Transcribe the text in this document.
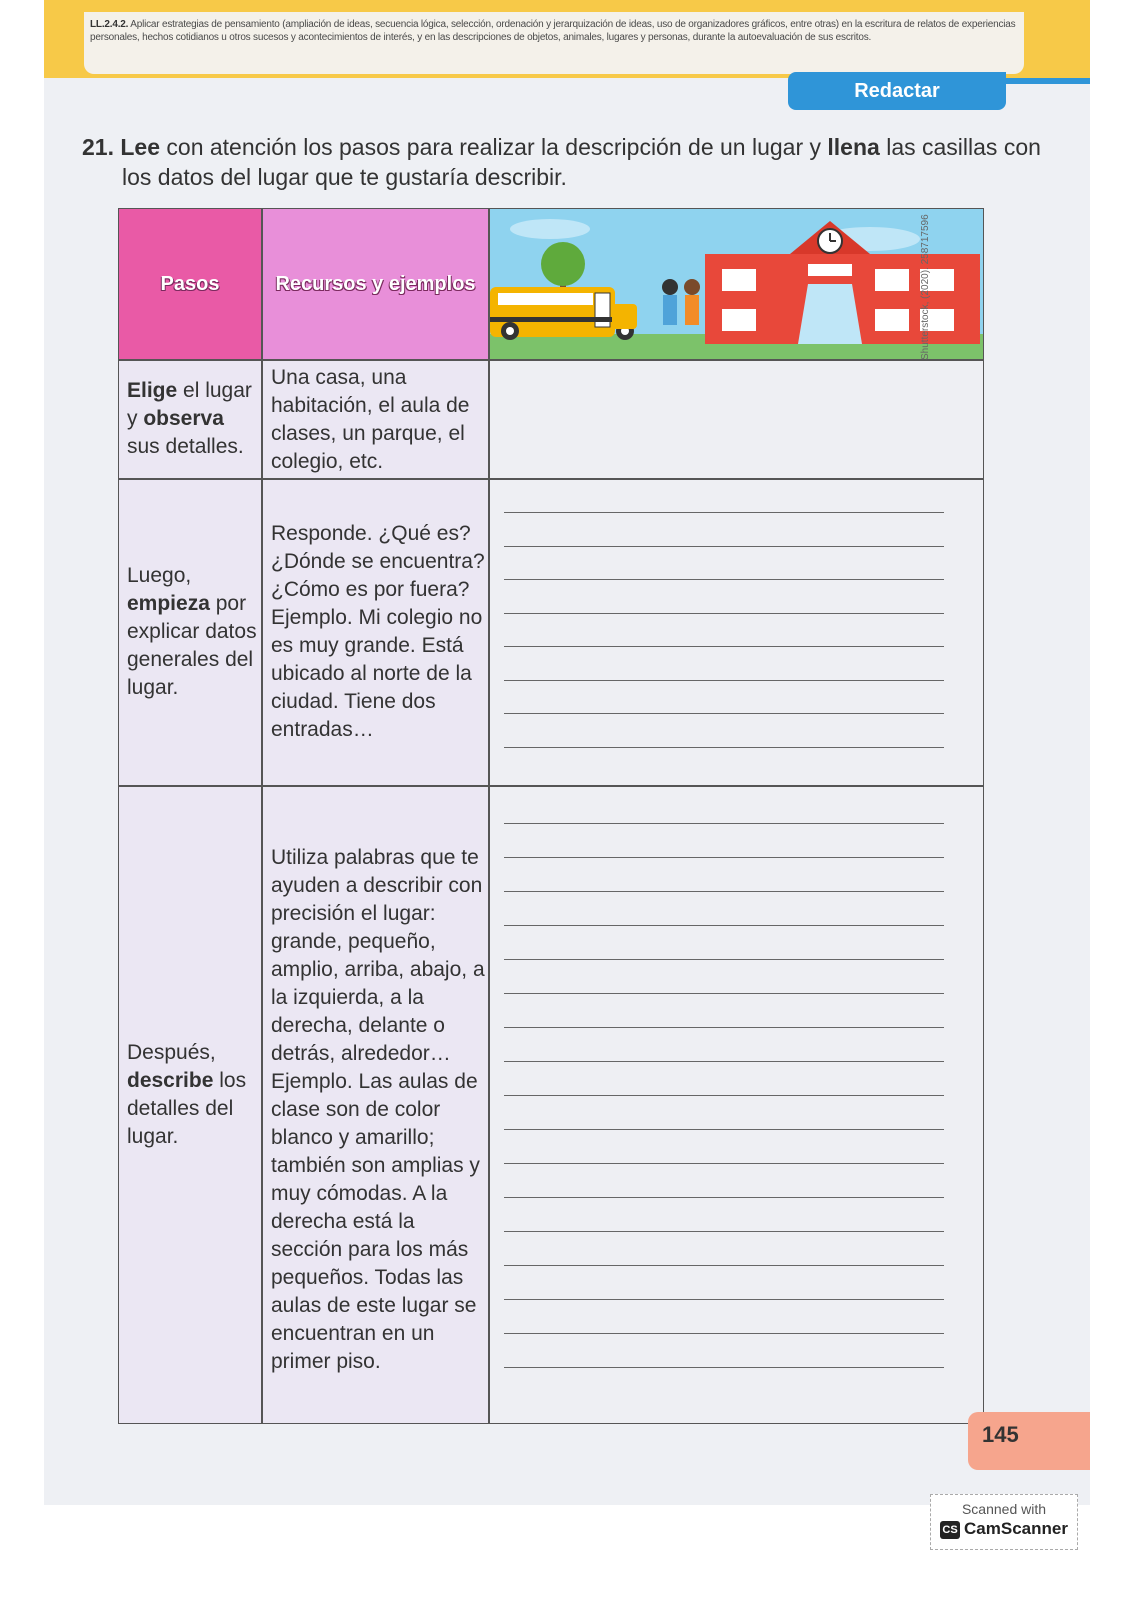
LL.2.4.2. Aplicar estrategias de pensamiento (ampliación de ideas, secuencia lógica, selección, ordenación y jerarquización de ideas, uso de organizadores gráficos, entre otras) en la escritura de relatos de experiencias personales, hechos cotidianos u otros sucesos y acontecimientos de interés, y en las descripciones de objetos, animales, lugares y personas, durante la autoevaluación de sus escritos.
Redactar
21. Lee con atención los pasos para realizar la descripción de un lugar y llena las casillas con
los datos del lugar que te gustaría describir.
Pasos	Recursos y ejemplos
Elige el lugar y observa sus detalles.
Una casa, una habitación, el aula de clases, un parque, el colegio, etc.
Luego, empieza por explicar datos generales del lugar.
Responde. ¿Qué es? ¿Dónde se encuentra? ¿Cómo es por fuera? Ejemplo. Mi colegio no es muy grande. Está ubicado al norte de la ciudad. Tiene dos entradas…
Después, describe los detalles del lugar.
Utiliza palabras que te ayuden a describir con precisión el lugar: grande, pequeño, amplio, arriba, abajo, a la izquierda, a la derecha, delante o detrás, alrededor… Ejemplo. Las aulas de clase son de color blanco y amarillo; también son amplias y muy cómodas. A la derecha está la sección para los más pequeños. Todas las aulas de este lugar se encuentran en un primer piso.
145
Shutterstock, (2020). 258717596
Scanned with
CS CamScanner
